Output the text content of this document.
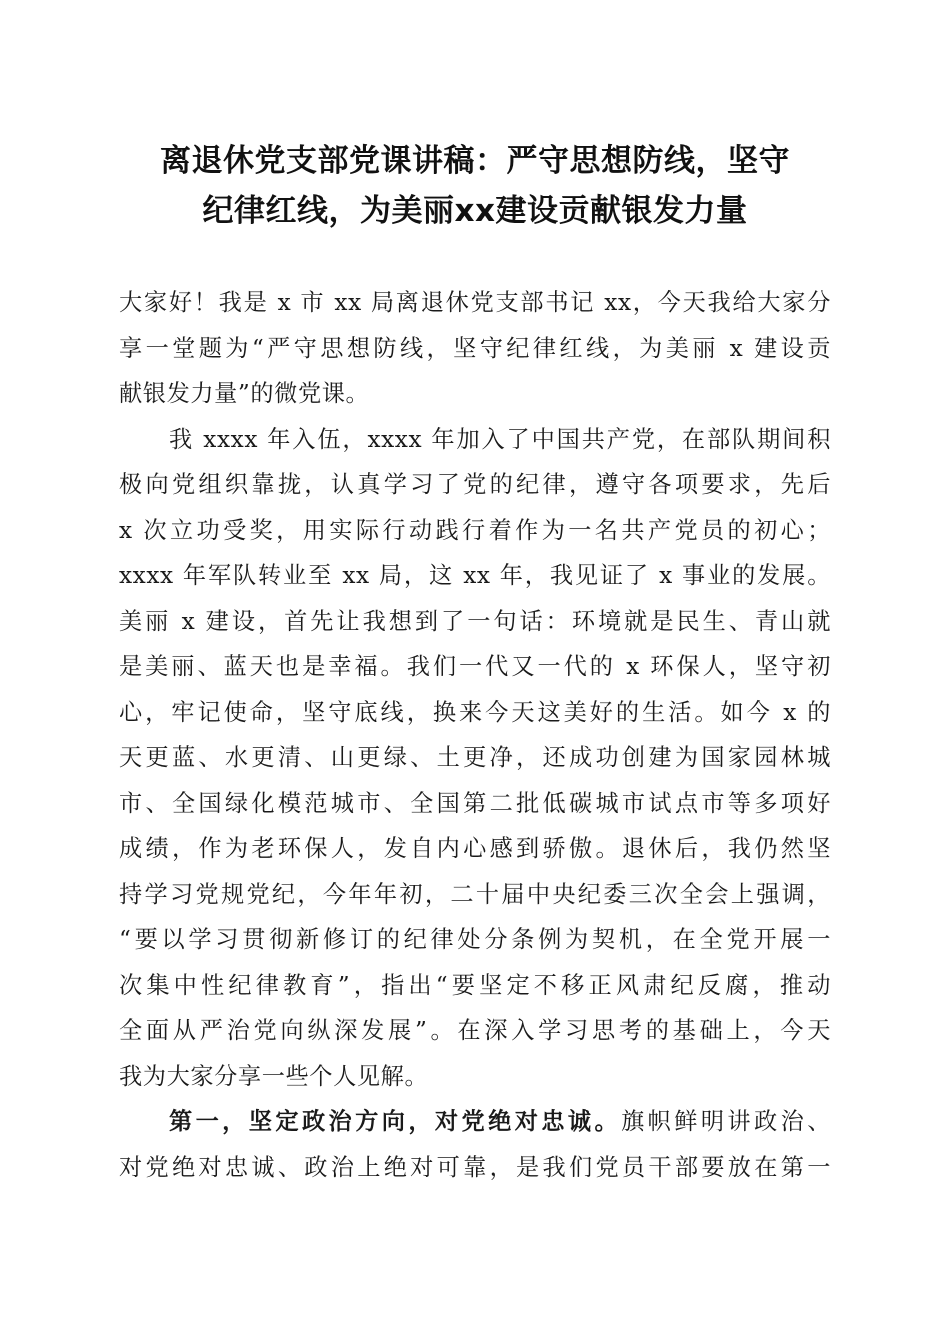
离退休党支部党课讲稿：严守思想防线，坚守
纪律红线，为美丽xx建设贡献银发力量

大家好！我是 x 市 xx 局离退休党支部书记 xx，今天我给大家分
享一堂题为“严守思想防线，坚守纪律红线，为美丽 x 建设贡
献银发力量”的微党课。

我 xxxx 年入伍，xxxx 年加入了中国共产党，在部队期间积
极向党组织靠拢，认真学习了党的纪律，遵守各项要求，先后
x 次立功受奖，用实际行动践行着作为一名共产党员的初心；
xxxx 年军队转业至 xx 局，这 xx 年，我见证了 x 事业的发展。
美丽 x 建设，首先让我想到了一句话：环境就是民生、青山就
是美丽、蓝天也是幸福。我们一代又一代的 x 环保人，坚守初
心，牢记使命，坚守底线，换来今天这美好的生活。如今 x 的
天更蓝、水更清、山更绿、土更净，还成功创建为国家园林城
市、全国绿化模范城市、全国第二批低碳城市试点市等多项好
成绩，作为老环保人，发自内心感到骄傲。退休后，我仍然坚
持学习党规党纪，今年年初，二十届中央纪委三次全会上强调，
“要以学习贯彻新修订的纪律处分条例为契机，在全党开展一
次集中性纪律教育”，指出“要坚定不移正风肃纪反腐，推动
全面从严治党向纵深发展”。在深入学习思考的基础上，今天
我为大家分享一些个人见解。

第一，坚定政治方向，对党绝对忠诚。旗帜鲜明讲政治、
对党绝对忠诚、政治上绝对可靠，是我们党员干部要放在第一
